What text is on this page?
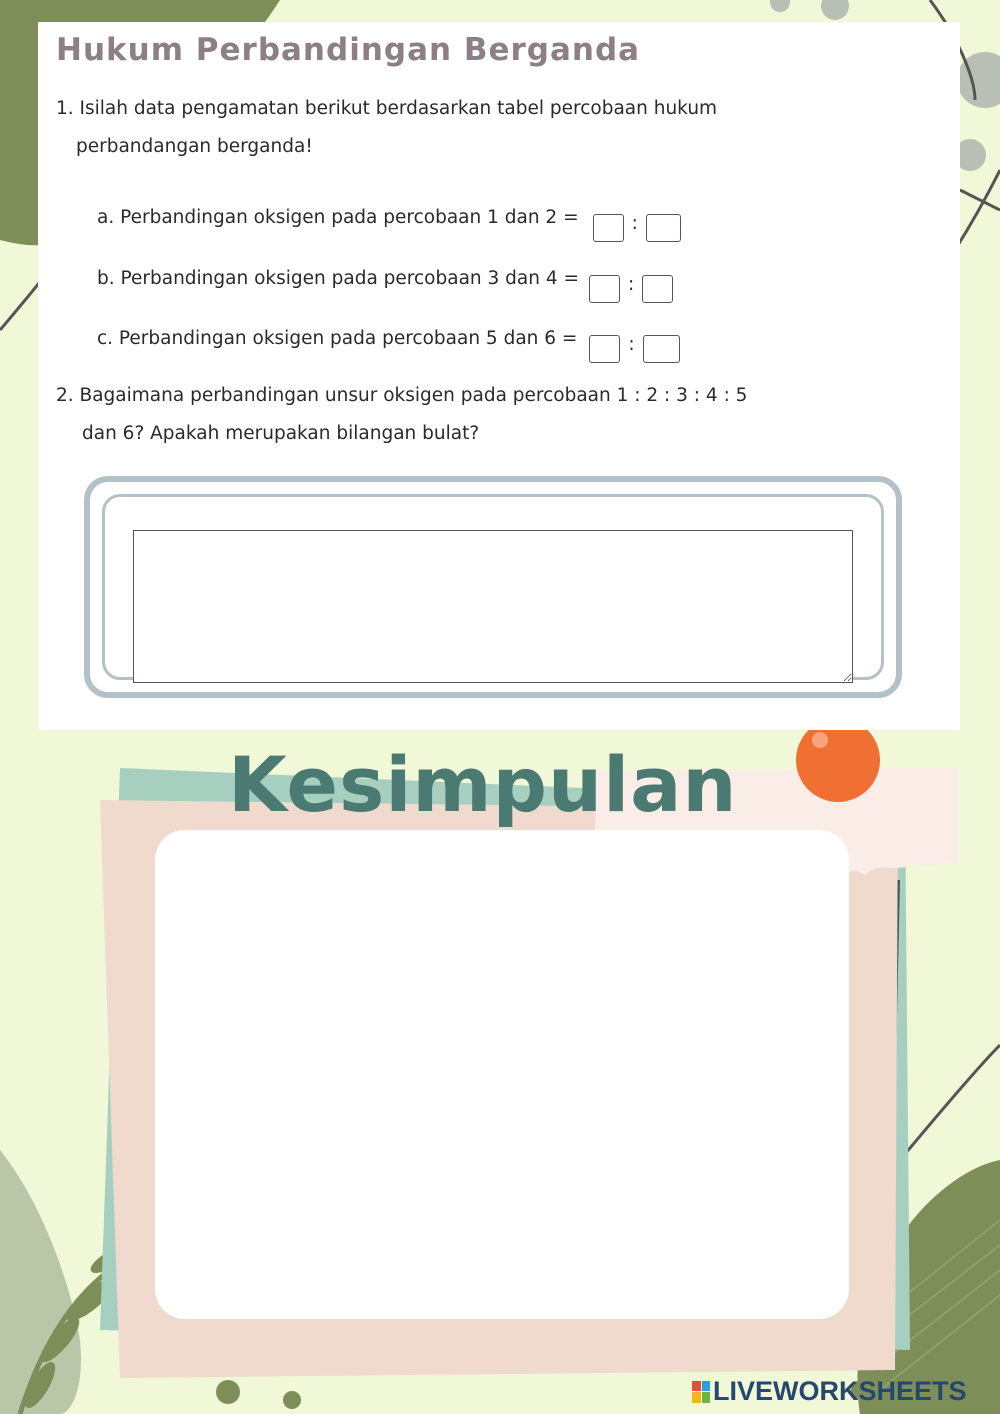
Hukum Perbandingan Berganda

1. Isilah data pengamatan berikut berdasarkan tabel percobaan hukum
perbandangan berganda!

a. Perbandingan oksigen pada percobaan 1 dan 2 =	:
b. Perbandingan oksigen pada percobaan 3 dan 4 =	:
c. Perbandingan oksigen pada percobaan 5 dan 6 =	:

2. Bagaimana perbandingan unsur oksigen pada percobaan 1 : 2 : 3 : 4 : 5
dan 6? Apakah merupakan bilangan bulat?

Kesimpulan
LIVEWORKSHEETS
